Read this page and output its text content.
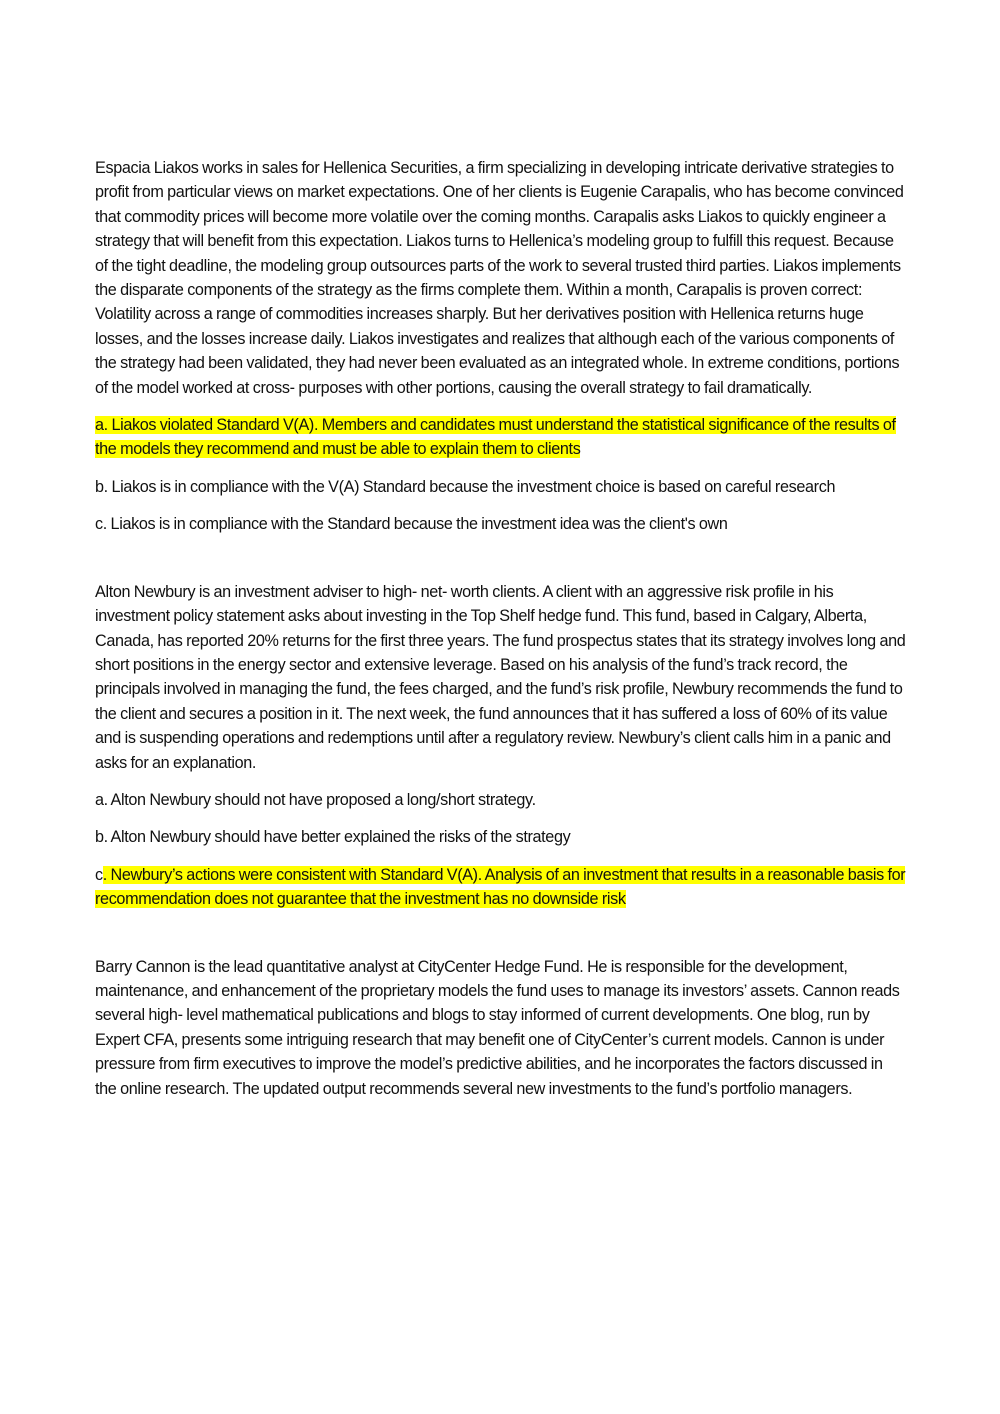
Espacia Liakos works in sales for Hellenica Securities, a firm specializing in developing intricate derivative strategies to profit from particular views on market expectations. One of her clients is Eugenie Carapalis, who has become convinced that commodity prices will become more volatile over the coming months. Carapalis asks Liakos to quickly engineer a strategy that will benefit from this expectation. Liakos turns to Hellenica’s modeling group to fulfill this request. Because of the tight deadline, the modeling group outsources parts of the work to several trusted third parties. Liakos implements the disparate components of the strategy as the firms complete them. Within a month, Carapalis is proven correct: Volatility across a range of commodities increases sharply. But her derivatives position with Hellenica returns huge losses, and the losses increase daily. Liakos investigates and realizes that although each of the various components of the strategy had been validated, they had never been evaluated as an integrated whole. In extreme conditions, portions of the model worked at cross- purposes with other portions, causing the overall strategy to fail dramatically.

a. Liakos violated Standard V(A). Members and candidates must understand the statistical significance of the results of the models they recommend and must be able to explain them to clients

b. Liakos is in compliance with the V(A) Standard because the investment choice is based on careful research

c. Liakos is in compliance with the Standard because the investment idea was the client's own

Alton Newbury is an investment adviser to high- net- worth clients. A client with an aggressive risk profile in his investment policy statement asks about investing in the Top Shelf hedge fund. This fund, based in Calgary, Alberta, Canada, has reported 20% returns for the first three years. The fund prospectus states that its strategy involves long and short positions in the energy sector and extensive leverage. Based on his analysis of the fund’s track record, the principals involved in managing the fund, the fees charged, and the fund’s risk profile, Newbury recommends the fund to the client and secures a position in it. The next week, the fund announces that it has suffered a loss of 60% of its value and is suspending operations and redemptions until after a regulatory review. Newbury’s client calls him in a panic and asks for an explanation.

a. Alton Newbury should not have proposed a long/short strategy.

b. Alton Newbury should have better explained the risks of the strategy

c. Newbury’s actions were consistent with Standard V(A). Analysis of an investment that results in a reasonable basis for recommendation does not guarantee that the investment has no downside risk

Barry Cannon is the lead quantitative analyst at CityCenter Hedge Fund. He is responsible for the development, maintenance, and enhancement of the proprietary models the fund uses to manage its investors’ assets. Cannon reads several high- level mathematical publications and blogs to stay informed of current developments. One blog, run by Expert CFA, presents some intriguing research that may benefit one of CityCenter’s current models. Cannon is under pressure from firm executives to improve the model’s predictive abilities, and he incorporates the factors discussed in the online research. The updated output recommends several new investments to the fund’s portfolio managers.
